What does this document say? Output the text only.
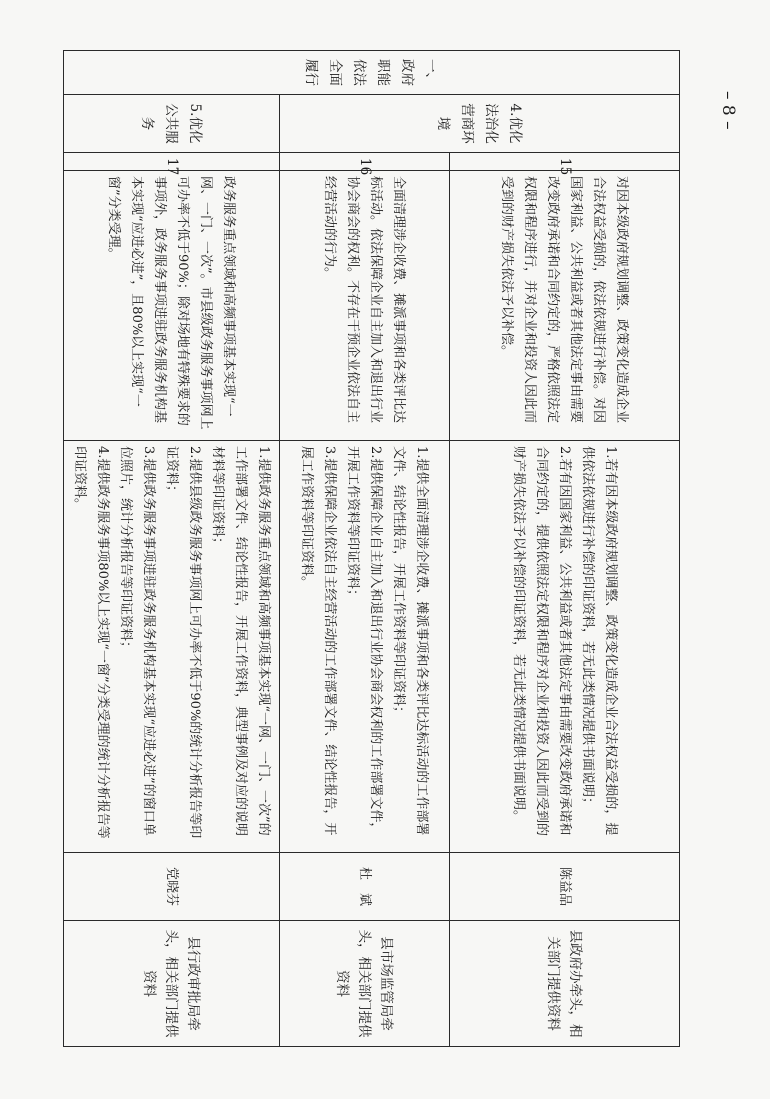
– 8 –
一、政府职能依法全面履行	4.优化法治化营商环境	15	对因本级政府规划调整、政策变化造成企业合法权益受损的，依法依规进行补偿。对因国家利益、公共利益或者其他法定事由需要改变政府承诺和合同约定的，严格依照法定权限和程序进行，并对企业和投资人因此而受到的财产损失依法予以补偿。	1.若有因本级政府规划调整、政策变化造成企业合法权益受损的，提供依法依规进行补偿的印证资料，若无此类情况提供书面说明；
2.若有因国家利益、公共利益或者其他法定事由需要改变政府承诺和合同约定的，提供依照法定权限和程序对企业和投资人因此而受到的财产损失依法予以补偿的印证资料，若无此类情况提供书面说明。	陈益品	县政府办牵头，相关部门提供资料
		16	全面清理涉企收费、摊派事项和各类评比达标活动。依法保障企业自主加入和退出行业协会商会的权利。不存在干预企业依法自主经营活动的行为。	1.提供全面清理涉企收费、摊派事项和各类评比达标活动的工作部署文件、结论性报告，开展工作资料等印证资料；
2.提供保障企业自主加入和退出行业协会商会权利的工作部署文件，开展工作资料等印证资料；
3.提供保障企业依法自主经营活动的工作部署文件、结论性报告，开展工作资料等印证资料。	杜　斌	县市场监管局牵头，相关部门提供资料
	5.优化公共服务	17	政务服务重点领域和高频事项基本实现“一网、一门、一次”。市县级政务服务事项网上可办率不低于90%；除对场地有特殊要求的事项外，政务服务事项进驻政务服务机构基本实现“应进必进”，且80%以上实现“一窗”分类受理。	1.提供政务服务重点领域和高频事项基本实现“一网、一门、一次”的工作部署文件、结论性报告，开展工作资料，典型事例及对应的说明材料等印证资料；
2.提供县级政务服务事项网上可办率不低于90%的统计分析报告等印证资料；
3.提供政务服务事项进驻政务服务机构基本实现“应进必进”的窗口单位照片，统计分析报告等印证资料；
4.提供政务服务事项80%以上实现“一窗”分类受理的统计分析报告等印证资料。	党晓芬	县行政审批局牵头，相关部门提供资料
